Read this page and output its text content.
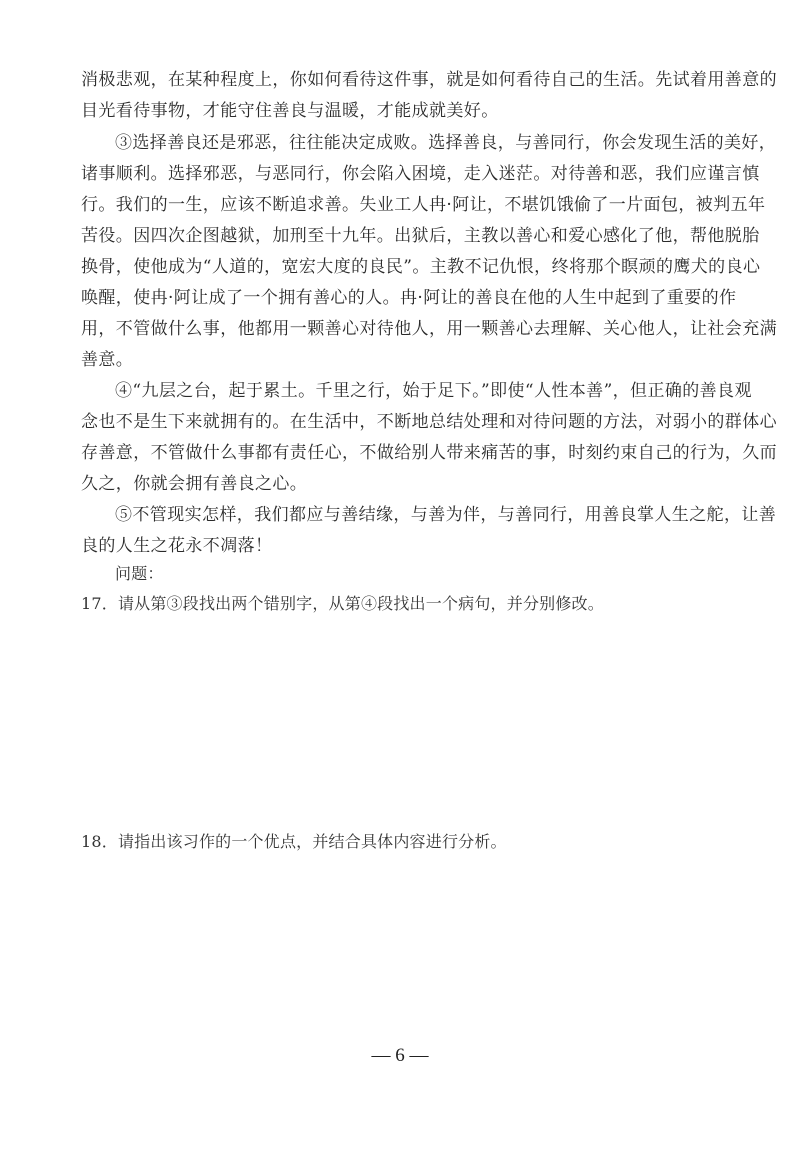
消极悲观，在某种程度上，你如何看待这件事，就是如何看待自己的生活。先试着用善意的
目光看待事物，才能守住善良与温暖，才能成就美好。
③选择善良还是邪恶，往往能决定成败。选择善良，与善同行，你会发现生活的美好，
诸事顺利。选择邪恶，与恶同行，你会陷入困境，走入迷茫。对待善和恶，我们应谨言慎
行。我们的一生，应该不断追求善。失业工人冉·阿让，不堪饥饿偷了一片面包，被判五年
苦役。因四次企图越狱，加刑至十九年。出狱后，主教以善心和爱心感化了他，帮他脱胎
换骨，使他成为“人道的，宽宏大度的良民”。主教不记仇恨，终将那个瞑顽的鹰犬的良心
唤醒，使冉·阿让成了一个拥有善心的人。冉·阿让的善良在他的人生中起到了重要的作
用，不管做什么事，他都用一颗善心对待他人，用一颗善心去理解、关心他人，让社会充满
善意。
④“九层之台，起于累土。千里之行，始于足下。”即使“人性本善”，但正确的善良观
念也不是生下来就拥有的。在生活中，不断地总结处理和对待问题的方法，对弱小的群体心
存善意，不管做什么事都有责任心，不做给别人带来痛苦的事，时刻约束自己的行为，久而
久之，你就会拥有善良之心。
⑤不管现实怎样，我们都应与善结缘，与善为伴，与善同行，用善良掌人生之舵，让善
良的人生之花永不凋落！
问题：
17．请从第③段找出两个错别字，从第④段找出一个病句，并分别修改。
18．请指出该习作的一个优点，并结合具体内容进行分析。
— 6 —
